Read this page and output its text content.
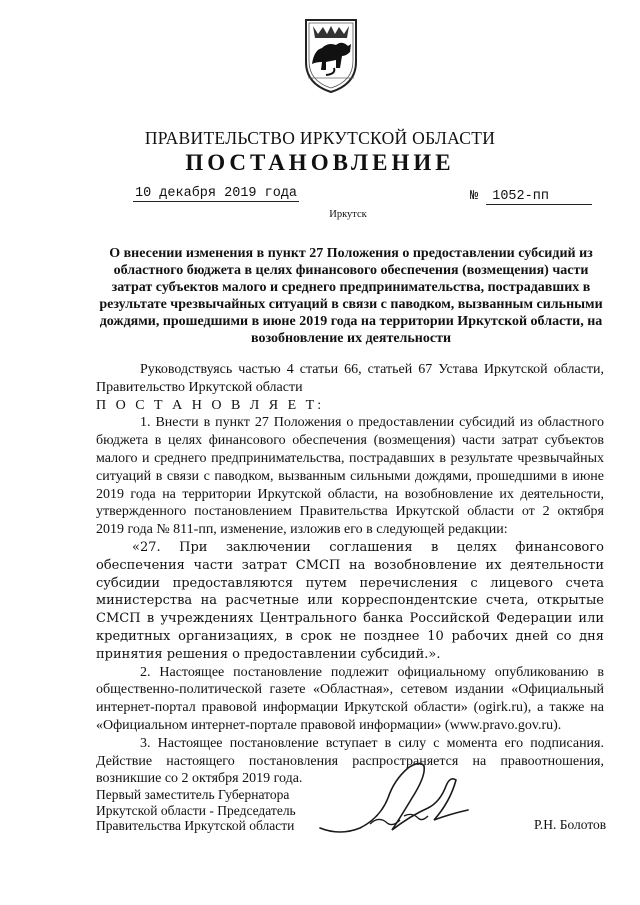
ПРАВИТЕЛЬСТВО ИРКУТСКОЙ ОБЛАСТИ
ПОСТАНОВЛЕНИЕ
10 декабря 2019 года	№ 1052-пп
Иркутск
О внесении изменения в пункт 27 Положения о предоставлении субсидий из областного бюджета в целях финансового обеспечения (возмещения) части затрат субъектов малого и среднего предпринимательства, пострадавших в результате чрезвычайных ситуаций в связи с паводком, вызванным сильными дождями, прошедшими в июне 2019 года на территории Иркутской области, на возобновление их деятельности

Руководствуясь частью 4 статьи 66, статьей 67 Устава Иркутской области, Правительство Иркутской области

П О С Т А Н О В Л Я Е Т:

1. Внести в пункт 27 Положения о предоставлении субсидий из областного бюджета в целях финансового обеспечения (возмещения) части затрат субъектов малого и среднего предпринимательства, пострадавших в результате чрезвычайных ситуаций в связи с паводком, вызванным сильными дождями, прошедшими в июне 2019 года на территории Иркутской области, на возобновление их деятельности, утвержденного постановлением Правительства Иркутской области от 2 октября 2019 года № 811-пп, изменение, изложив его в следующей редакции:

«27. При заключении соглашения в целях финансового обеспечения части затрат СМСП на возобновление их деятельности субсидии предоставляются путем перечисления с лицевого счета министерства на расчетные или корреспондентские счета, открытые СМСП в учреждениях Центрального банка Российской Федерации или кредитных организациях, в срок не позднее 10 рабочих дней со дня принятия решения о предоставлении субсидий.».

2. Настоящее постановление подлежит официальному опубликованию в общественно-политической газете «Областная», сетевом издании «Официальный интернет-портал правовой информации Иркутской области» (ogirk.ru), а также на «Официальном интернет-портале правовой информации» (www.pravo.gov.ru).

3. Настоящее постановление вступает в силу с момента его подписания. Действие настоящего постановления распространяется на правоотношения, возникшие со 2 октября 2019 года.

Первый заместитель Губернатора
Иркутской области - Председатель
Правительства Иркутской области	Р.Н. Болотов
